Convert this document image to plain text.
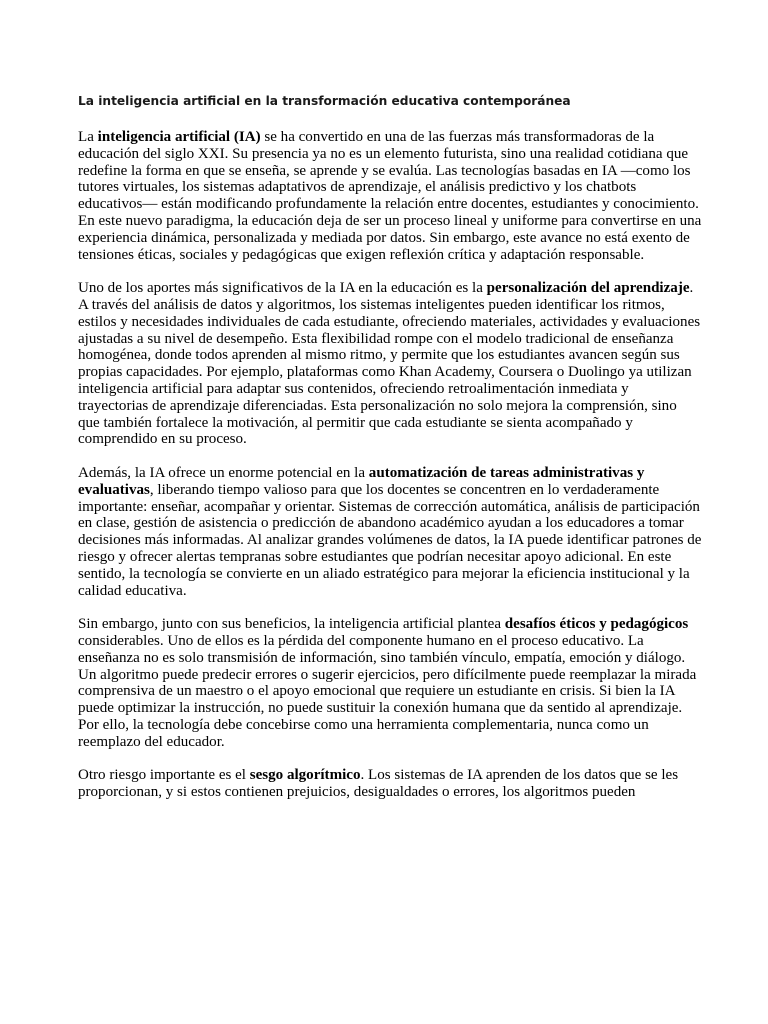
La inteligencia artificial en la transformación educativa contemporánea

La inteligencia artificial (IA) se ha convertido en una de las fuerzas más transformadoras de la educación del siglo XXI. Su presencia ya no es un elemento futurista, sino una realidad cotidiana que redefine la forma en que se enseña, se aprende y se evalúa. Las tecnologías basadas en IA —como los tutores virtuales, los sistemas adaptativos de aprendizaje, el análisis predictivo y los chatbots educativos— están modificando profundamente la relación entre docentes, estudiantes y conocimiento. En este nuevo paradigma, la educación deja de ser un proceso lineal y uniforme para convertirse en una experiencia dinámica, personalizada y mediada por datos. Sin embargo, este avance no está exento de tensiones éticas, sociales y pedagógicas que exigen reflexión crítica y adaptación responsable.

Uno de los aportes más significativos de la IA en la educación es la personalización del aprendizaje. A través del análisis de datos y algoritmos, los sistemas inteligentes pueden identificar los ritmos, estilos y necesidades individuales de cada estudiante, ofreciendo materiales, actividades y evaluaciones ajustadas a su nivel de desempeño. Esta flexibilidad rompe con el modelo tradicional de enseñanza homogénea, donde todos aprenden al mismo ritmo, y permite que los estudiantes avancen según sus propias capacidades. Por ejemplo, plataformas como Khan Academy, Coursera o Duolingo ya utilizan inteligencia artificial para adaptar sus contenidos, ofreciendo retroalimentación inmediata y trayectorias de aprendizaje diferenciadas. Esta personalización no solo mejora la comprensión, sino que también fortalece la motivación, al permitir que cada estudiante se sienta acompañado y comprendido en su proceso.

Además, la IA ofrece un enorme potencial en la automatización de tareas administrativas y evaluativas, liberando tiempo valioso para que los docentes se concentren en lo verdaderamente importante: enseñar, acompañar y orientar. Sistemas de corrección automática, análisis de participación en clase, gestión de asistencia o predicción de abandono académico ayudan a los educadores a tomar decisiones más informadas. Al analizar grandes volúmenes de datos, la IA puede identificar patrones de riesgo y ofrecer alertas tempranas sobre estudiantes que podrían necesitar apoyo adicional. En este sentido, la tecnología se convierte en un aliado estratégico para mejorar la eficiencia institucional y la calidad educativa.

Sin embargo, junto con sus beneficios, la inteligencia artificial plantea desafíos éticos y pedagógicos considerables. Uno de ellos es la pérdida del componente humano en el proceso educativo. La enseñanza no es solo transmisión de información, sino también vínculo, empatía, emoción y diálogo. Un algoritmo puede predecir errores o sugerir ejercicios, pero difícilmente puede reemplazar la mirada comprensiva de un maestro o el apoyo emocional que requiere un estudiante en crisis. Si bien la IA puede optimizar la instrucción, no puede sustituir la conexión humana que da sentido al aprendizaje. Por ello, la tecnología debe concebirse como una herramienta complementaria, nunca como un reemplazo del educador.

Otro riesgo importante es el sesgo algorítmico. Los sistemas de IA aprenden de los datos que se les proporcionan, y si estos contienen prejuicios, desigualdades o errores, los algoritmos pueden
